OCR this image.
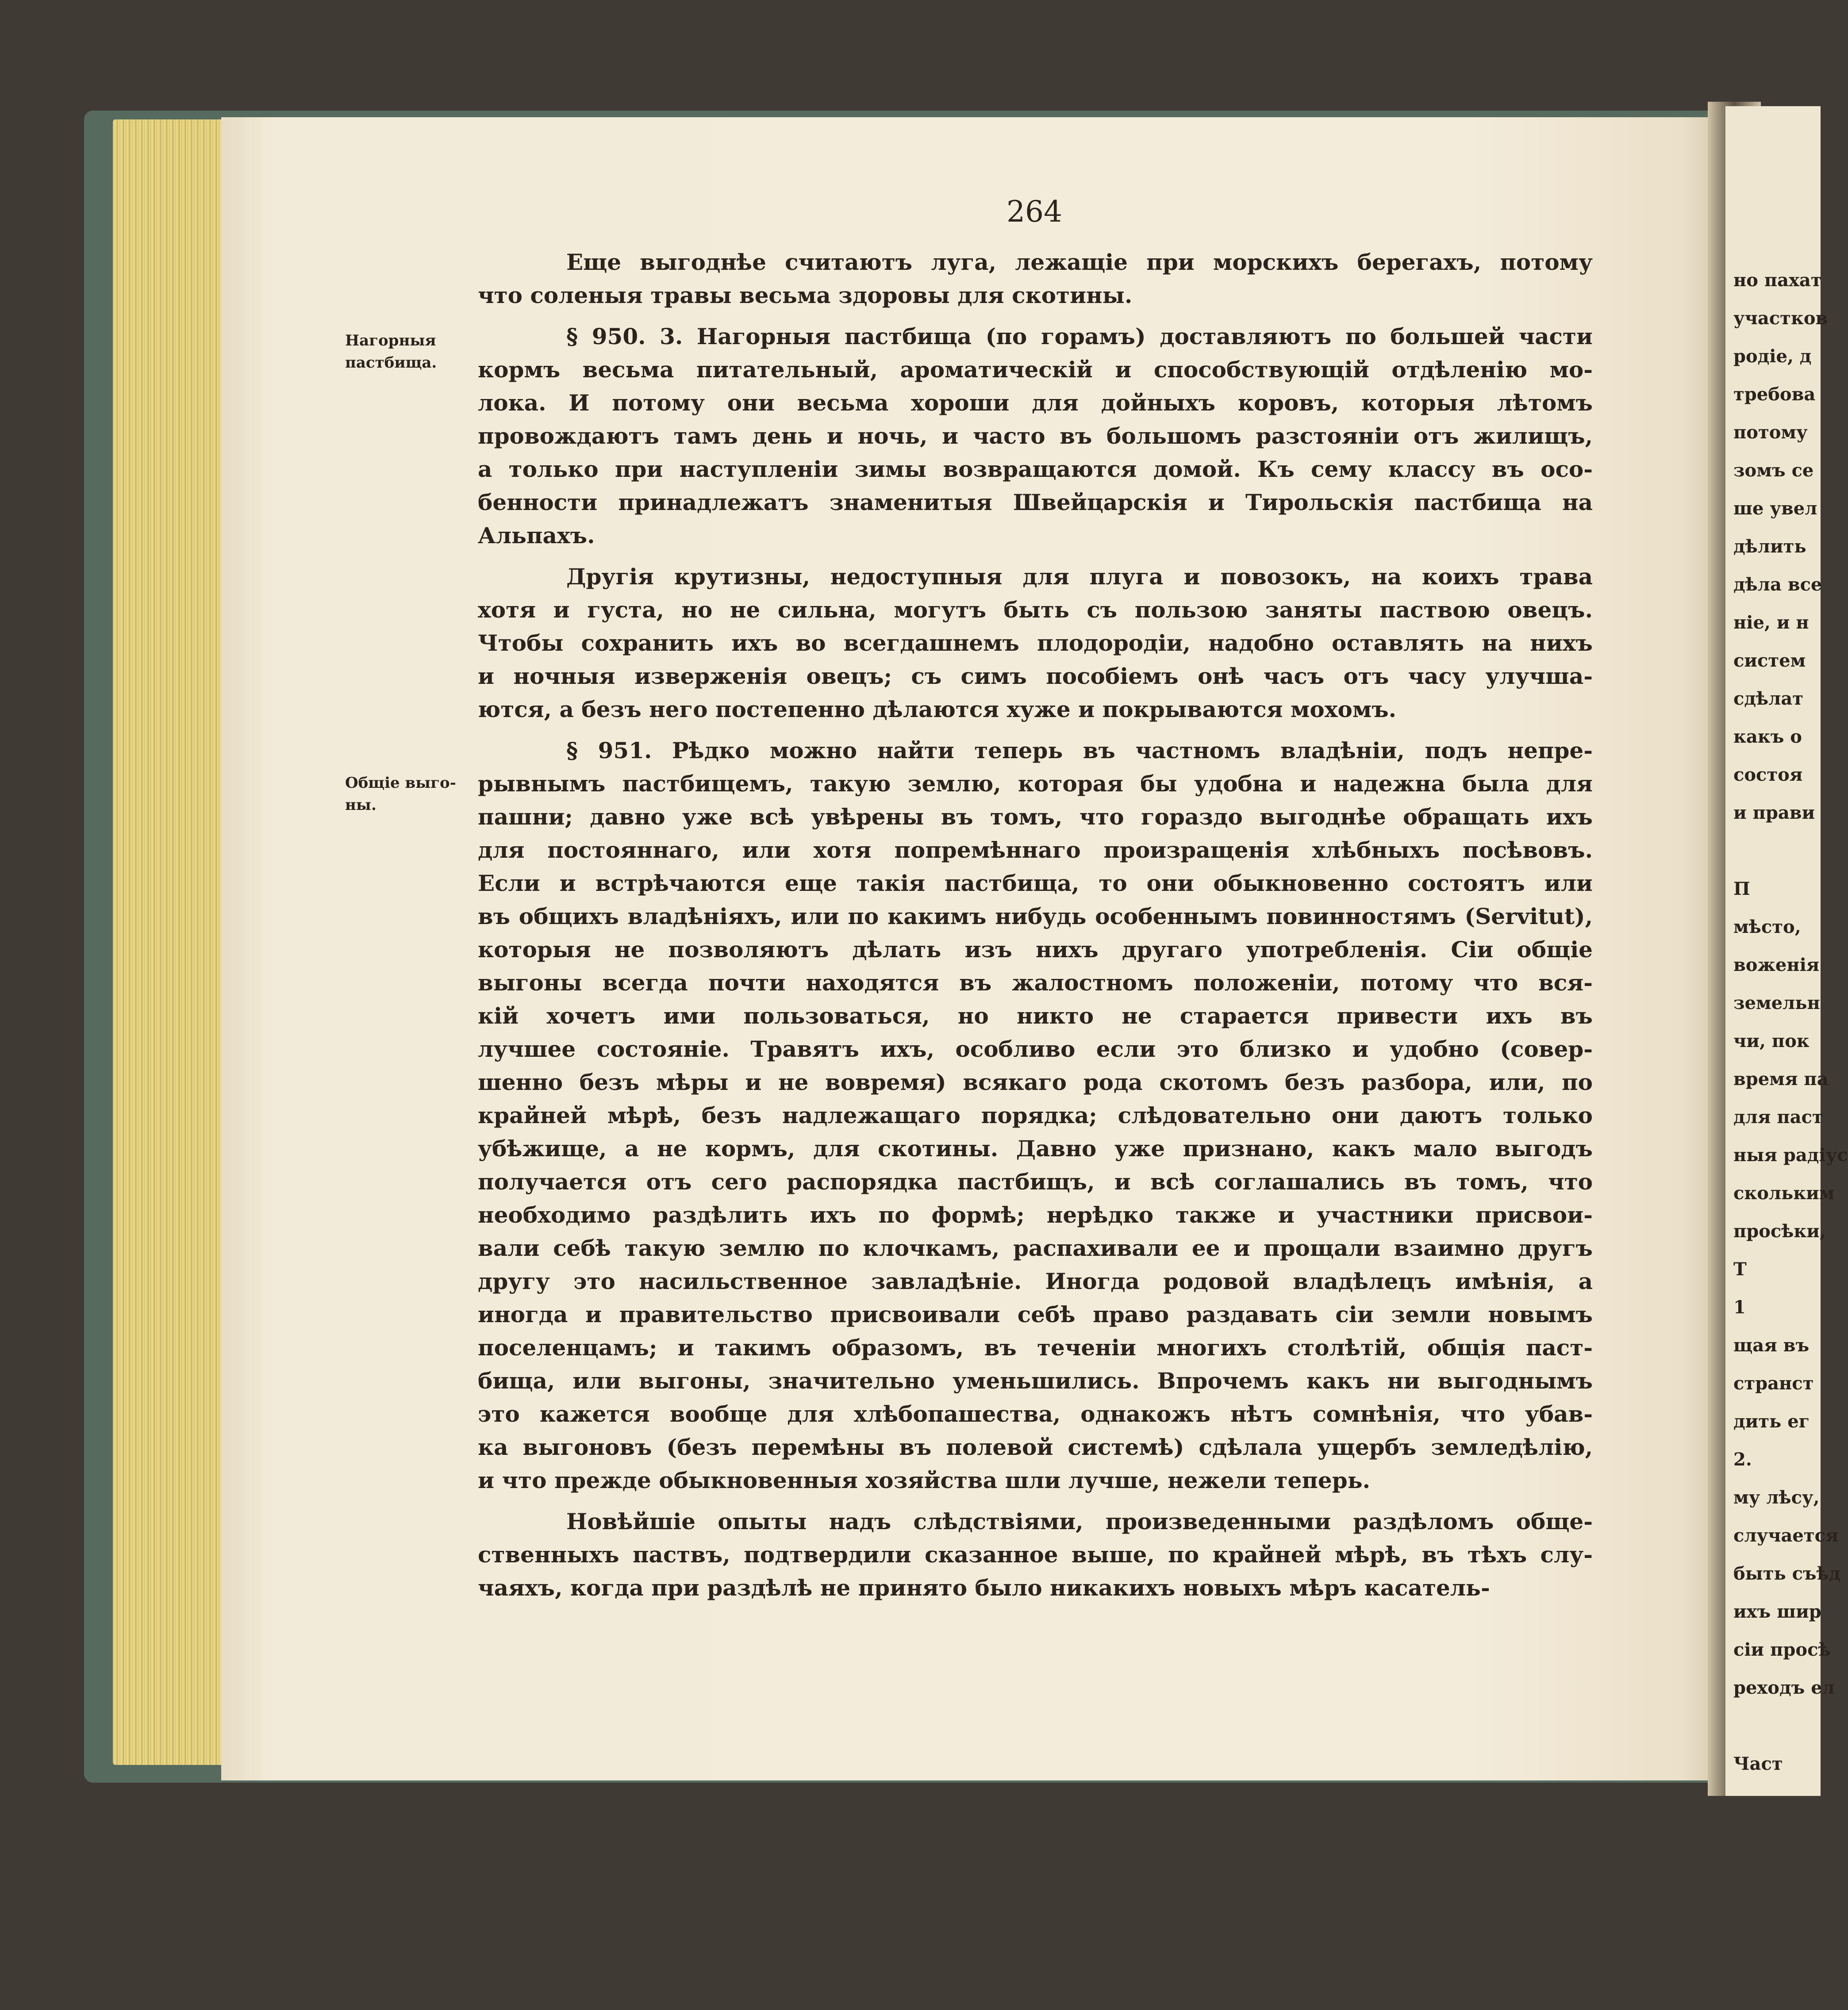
но пахат
участков
родіе, д
требова
потому
зомъ се
ше увел
дѣлить
дѣла все
ніе, и н
систем
сдѣлат
какъ о
состоя
и прави
П
мѣсто,
воженія
земельн
чи, пок
время па
для паст
ныя радіус
скольким
просѣки,
Т
1
щая въ
странст
дить ег
2.
му лѣсу,
случается
быть съѣд
ихъ шир
сіи просѣ
реходъ ел
Част
264
Нагорныя
пастбища.
Общіе выго-
ны.
Еще выгоднѣе считаютъ луга, лежащіе при морскихъ берегахъ, потому
что соленыя травы весьма здоровы для скотины.
§ 950. 3. Нагорныя пастбища (по горамъ) доставляютъ по большей части
кормъ весьма питательный, ароматическій и способствующій отдѣленію мо-
лока. И потому они весьма хороши для дойныхъ коровъ, которыя лѣтомъ
провождаютъ тамъ день и ночь, и часто въ большомъ разстояніи отъ жилищъ,
а только при наступленіи зимы возвращаются домой. Къ сему классу въ осо-
бенности принадлежатъ знаменитыя Швейцарскія и Тирольскія пастбища на
Альпахъ.
Другія крутизны, недоступныя для плуга и повозокъ, на коихъ трава
хотя и густа, но не сильна, могутъ быть съ пользою заняты паствою овецъ.
Чтобы сохранить ихъ во всегдашнемъ плодородіи, надобно оставлять на нихъ
и ночныя изверженія овецъ; съ симъ пособіемъ онѣ часъ отъ часу улучша-
ются, а безъ него постепенно дѣлаются хуже и покрываются мохомъ.
§ 951. Рѣдко можно найти теперь въ частномъ владѣніи, подъ непре-
рывнымъ пастбищемъ, такую землю, которая бы удобна и надежна была для
пашни; давно уже всѣ увѣрены въ томъ, что гораздо выгоднѣе обращать ихъ
для постояннаго, или хотя попремѣннаго произращенія хлѣбныхъ посѣвовъ.
Если и встрѣчаются еще такія пастбища, то они обыкновенно состоятъ или
въ общихъ владѣніяхъ, или по какимъ нибудь особеннымъ повинностямъ (Servitut),
которыя не позволяютъ дѣлать изъ нихъ другаго употребленія. Сіи общіе
выгоны всегда почти находятся въ жалостномъ положеніи, потому что вся-
кій хочетъ ими пользоваться, но никто не старается привести ихъ въ
лучшее состояніе. Травятъ ихъ, особливо если это близко и удобно (совер-
шенно безъ мѣры и не вовремя) всякаго рода скотомъ безъ разбора, или, по
крайней мѣрѣ, безъ надлежащаго порядка; слѣдовательно они даютъ только
убѣжище, а не кормъ, для скотины. Давно уже признано, какъ мало выгодъ
получается отъ сего распорядка пастбищъ, и всѣ соглашались въ томъ, что
необходимо раздѣлить ихъ по формѣ; нерѣдко также и участники присвои-
вали себѣ такую землю по клочкамъ, распахивали ее и прощали взаимно другъ
другу это насильственное завладѣніе. Иногда родовой владѣлецъ имѣнія, а
иногда и правительство присвоивали себѣ право раздавать сіи земли новымъ
поселенцамъ; и такимъ образомъ, въ теченіи многихъ столѣтій, общія паст-
бища, или выгоны, значительно уменьшились. Впрочемъ какъ ни выгоднымъ
это кажется вообще для хлѣбопашества, однакожъ нѣтъ сомнѣнія, что убав-
ка выгоновъ (безъ перемѣны въ полевой системѣ) сдѣлала ущербъ земледѣлію,
и что прежде обыкновенныя хозяйства шли лучше, нежели теперь.
Новѣйшіе опыты надъ слѣдствіями, произведенными раздѣломъ обще-
ственныхъ паствъ, подтвердили сказанное выше, по крайней мѣрѣ, въ тѣхъ слу-
чаяхъ, когда при раздѣлѣ не принято было никакихъ новыхъ мѣръ касатель-
